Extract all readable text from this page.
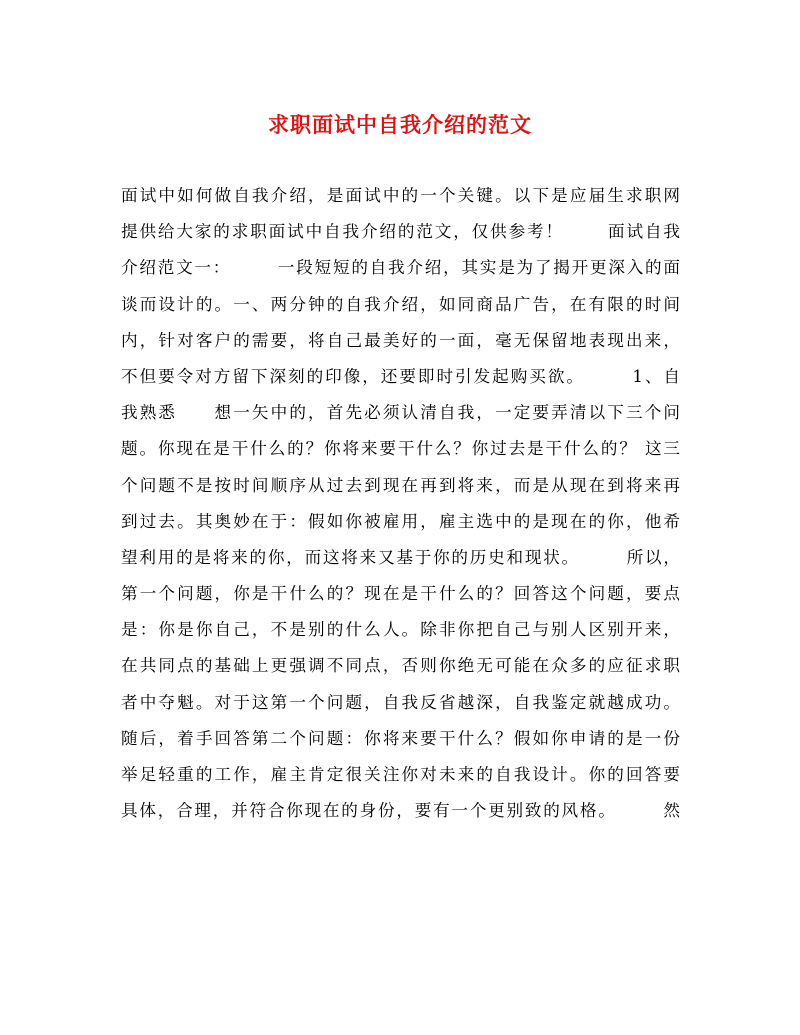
求职面试中自我介绍的范文
面试中如何做自我介绍，是面试中的一个关键。以下是应届生求职网
提供给大家的求职面试中自我介绍的范文，仅供参考！　　 面试自我
介绍范文一：　　　一段短短的自我介绍，其实是为了揭开更深入的面
谈而设计的。一、两分钟的自我介绍，如同商品广告，在有限的时间
内，针对客户的需要，将自己最美好的一面，毫无保留地表现出来，
不但要令对方留下深刻的印像，还要即时引发起购买欲。　　　1、自
我熟悉　　想一矢中的，首先必须认清自我，一定要弄清以下三个问
题。你现在是干什么的？你将来要干什么？你过去是干什么的？ 这三
个问题不是按时间顺序从过去到现在再到将来，而是从现在到将来再
到过去。其奥妙在于：假如你被雇用，雇主选中的是现在的你，他希
望利用的是将来的你，而这将来又基于你的历史和现状。　　　所以，
第一个问题，你是干什么的？现在是干什么的？回答这个问题，要点
是：你是你自己，不是别的什么人。除非你把自己与别人区别开来，
在共同点的基础上更强调不同点，否则你绝无可能在众多的应征求职
者中夺魁。对于这第一个问题，自我反省越深，自我鉴定就越成功。
随后，着手回答第二个问题：你将来要干什么？假如你申请的是一份
举足轻重的工作，雇主肯定很关注你对未来的自我设计。你的回答要
具体，合理，并符合你现在的身份，要有一个更别致的风格。　　　然
